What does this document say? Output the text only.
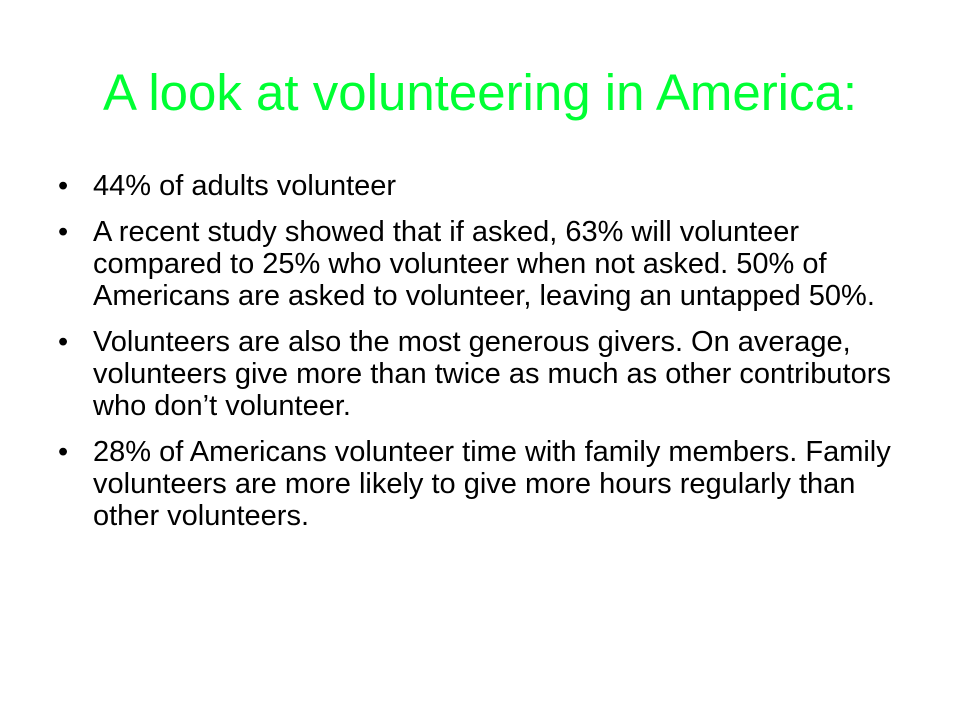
A look at volunteering in America:
• 44% of adults volunteer
• A recent study showed that if asked, 63% will volunteer compared to 25% who volunteer when not asked. 50% of Americans are asked to volunteer, leaving an untapped 50%.
• Volunteers are also the most generous givers. On average, volunteers give more than twice as much as other contributors who don’t volunteer.
• 28% of Americans volunteer time with family members. Family volunteers are more likely to give more hours regularly than other volunteers.
